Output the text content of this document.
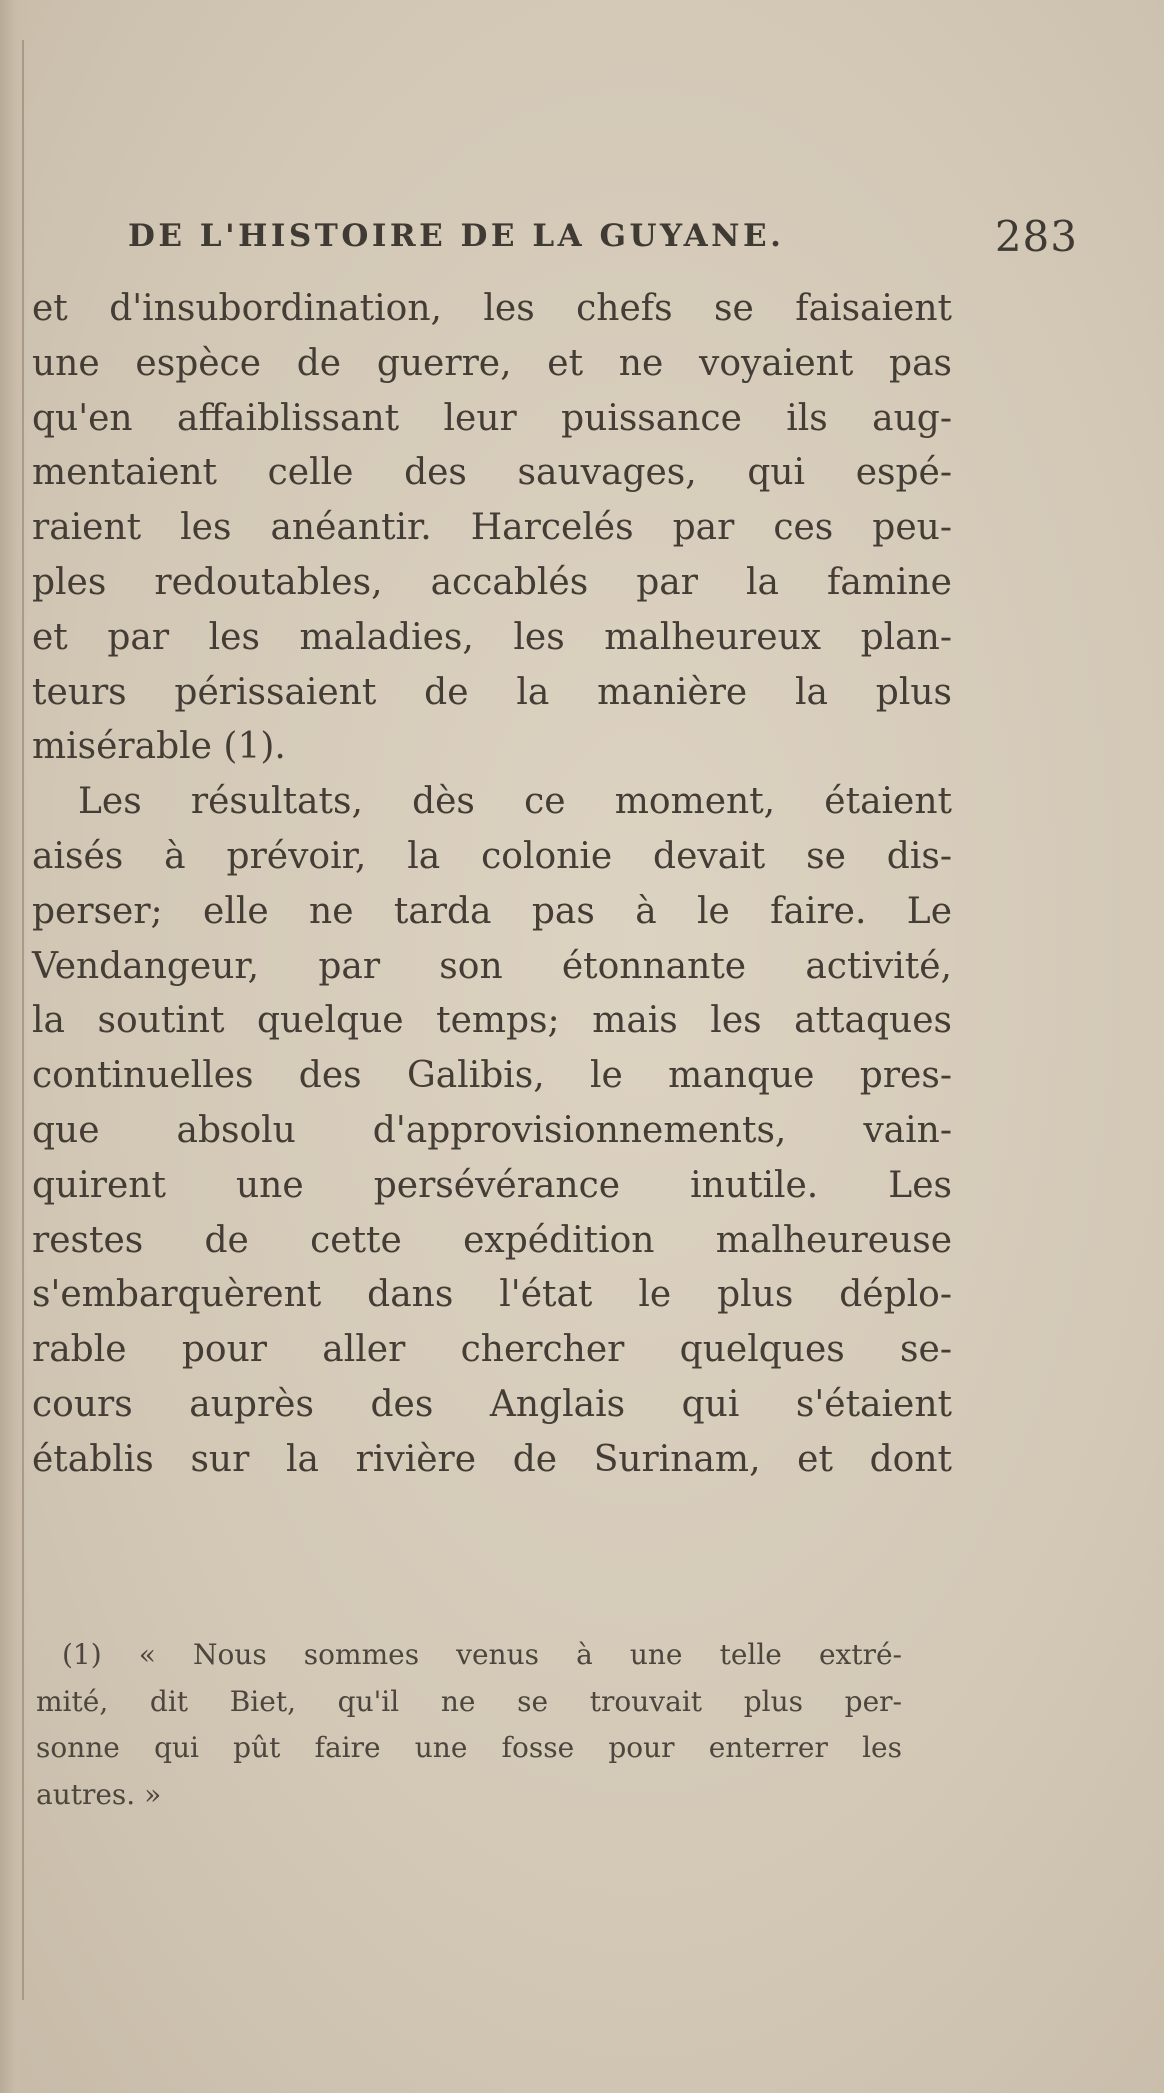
DE L'HISTOIRE DE LA GUYANE.	283
et d'insubordination, les chefs se faisaient
une espèce de guerre, et ne voyaient pas
qu'en affaiblissant leur puissance ils aug-
mentaient celle des sauvages, qui espé-
raient les anéantir. Harcelés par ces peu-
ples redoutables, accablés par la famine
et par les maladies, les malheureux plan-
teurs périssaient de la manière la plus
misérable (1).
Les résultats, dès ce moment, étaient
aisés à prévoir, la colonie devait se dis-
perser; elle ne tarda pas à le faire. Le
Vendangeur, par son étonnante activité,
la soutint quelque temps; mais les attaques
continuelles des Galibis, le manque pres-
que absolu d'approvisionnements, vain-
quirent une persévérance inutile. Les
restes de cette expédition malheureuse
s'embarquèrent dans l'état le plus déplo-
rable pour aller chercher quelques se-
cours auprès des Anglais qui s'étaient
établis sur la rivière de Surinam, et dont
(1) « Nous sommes venus à une telle extré-
mité, dit Biet, qu'il ne se trouvait plus per-
sonne qui pût faire une fosse pour enterrer les
autres. »
